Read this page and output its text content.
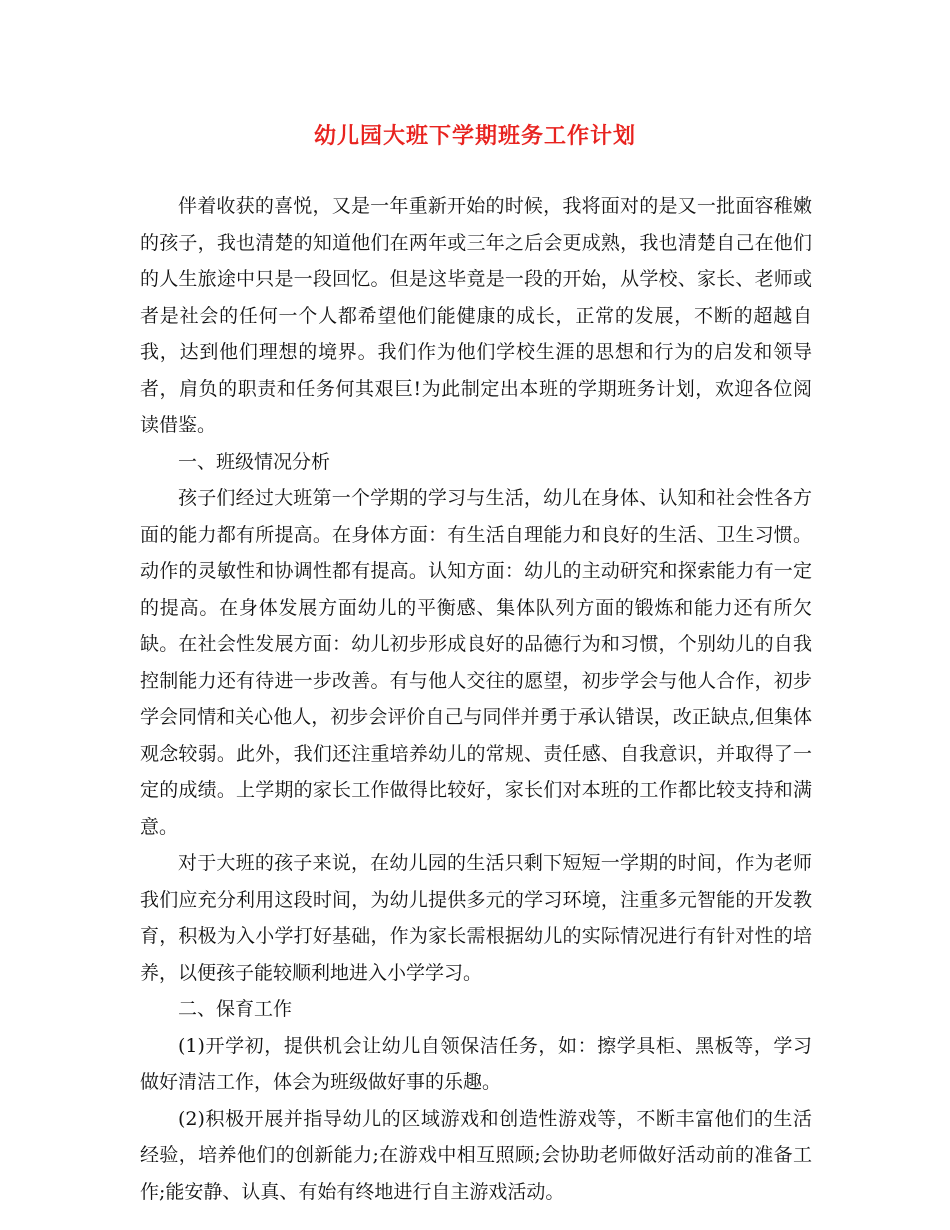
幼儿园大班下学期班务工作计划

伴着收获的喜悦，又是一年重新开始的时候，我将面对的是又一批面容稚嫩的孩子，我也清楚的知道他们在两年或三年之后会更成熟，我也清楚自己在他们的人生旅途中只是一段回忆。但是这毕竟是一段的开始，从学校、家长、老师或者是社会的任何一个人都希望他们能健康的成长，正常的发展，不断的超越自我，达到他们理想的境界。我们作为他们学校生涯的思想和行为的启发和领导者，肩负的职责和任务何其艰巨!为此制定出本班的学期班务计划，欢迎各位阅读借鉴。

一、班级情况分析

孩子们经过大班第一个学期的学习与生活，幼儿在身体、认知和社会性各方面的能力都有所提高。在身体方面：有生活自理能力和良好的生活、卫生习惯。动作的灵敏性和协调性都有提高。认知方面：幼儿的主动研究和探索能力有一定的提高。在身体发展方面幼儿的平衡感、集体队列方面的锻炼和能力还有所欠缺。在社会性发展方面：幼儿初步形成良好的品德行为和习惯，个别幼儿的自我控制能力还有待进一步改善。有与他人交往的愿望，初步学会与他人合作，初步学会同情和关心他人，初步会评价自己与同伴并勇于承认错误，改正缺点,但集体观念较弱。此外，我们还注重培养幼儿的常规、责任感、自我意识，并取得了一定的成绩。上学期的家长工作做得比较好，家长们对本班的工作都比较支持和满意。

对于大班的孩子来说，在幼儿园的生活只剩下短短一学期的时间，作为老师我们应充分利用这段时间，为幼儿提供多元的学习环境，注重多元智能的开发教育，积极为入小学打好基础，作为家长需根据幼儿的实际情况进行有针对性的培养，以便孩子能较顺利地进入小学学习。

二、保育工作

(1)开学初，提供机会让幼儿自领保洁任务，如：擦学具柜、黑板等，学习做好清洁工作，体会为班级做好事的乐趣。

(2)积极开展并指导幼儿的区域游戏和创造性游戏等，不断丰富他们的生活经验，培养他们的创新能力;在游戏中相互照顾;会协助老师做好活动前的准备工作;能安静、认真、有始有终地进行自主游戏活动。
